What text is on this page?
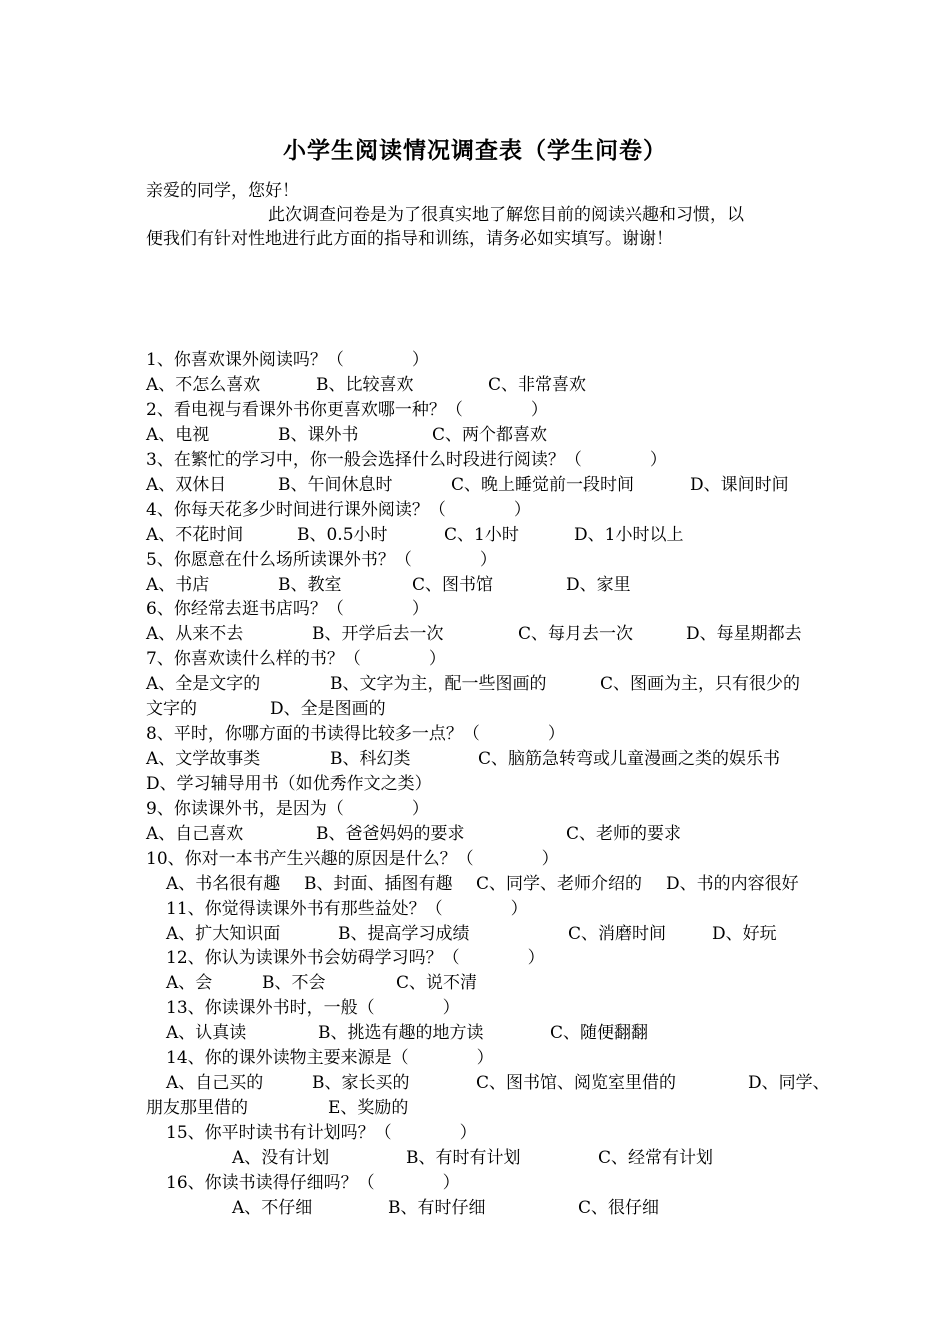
小学生阅读情况调查表（学生问卷）
亲爱的同学，您好！
此次调查问卷是为了很真实地了解您目前的阅读兴趣和习惯，以
便我们有针对性地进行此方面的指导和训练，请务必如实填写。谢谢！
1、你喜欢课外阅读吗？（　　　　）
A、不怎么喜欢	B、比较喜欢	C、非常喜欢
2、看电视与看课外书你更喜欢哪一种？（　　　　）
A、电视	B、课外书	C、两个都喜欢
3、在繁忙的学习中，你一般会选择什么时段进行阅读？（　　　　）
A、双休日	B、午间休息时	C、晚上睡觉前一段时间	D、课间时间
4、你每天花多少时间进行课外阅读？（　　　　）
A、不花时间	B、0.5小时	C、1小时	D、1小时以上
5、你愿意在什么场所读课外书？（　　　　）
A、书店	B、教室	C、图书馆	D、家里
6、你经常去逛书店吗？（　　　　）
A、从来不去	B、开学后去一次	C、每月去一次	D、每星期都去
7、你喜欢读什么样的书？（　　　　）
A、全是文字的	B、文字为主，配一些图画的	C、图画为主，只有很少的
文字的	D、全是图画的
8、平时，你哪方面的书读得比较多一点？（　　　　）
A、文学故事类	B、科幻类	C、脑筋急转弯或儿童漫画之类的娱乐书
D、学习辅导用书（如优秀作文之类）
9、你读课外书，是因为（　　　　）
A、自己喜欢	B、爸爸妈妈的要求	C、老师的要求
10、你对一本书产生兴趣的原因是什么？（　　　　）
A、书名很有趣 B、封面、插图有趣 C、同学、老师介绍的 D、书的内容很好
11、你觉得读课外书有那些益处？（　　　　）
A、扩大知识面	B、提高学习成绩	C、消磨时间	D、好玩
12、你认为读课外书会妨碍学习吗？（　　　　）
A、会	B、不会	C、说不清
13、你读课外书时，一般（　　　　）
A、认真读	B、挑选有趣的地方读	C、随便翻翻
14、你的课外读物主要来源是（　　　　）
A、自己买的	B、家长买的	C、图书馆、阅览室里借的	D、同学、
朋友那里借的	E、奖励的
15、你平时读书有计划吗？（　　　　）
A、没有计划	B、有时有计划	C、经常有计划
16、你读书读得仔细吗？（　　　　）
A、不仔细	B、有时仔细	C、很仔细
